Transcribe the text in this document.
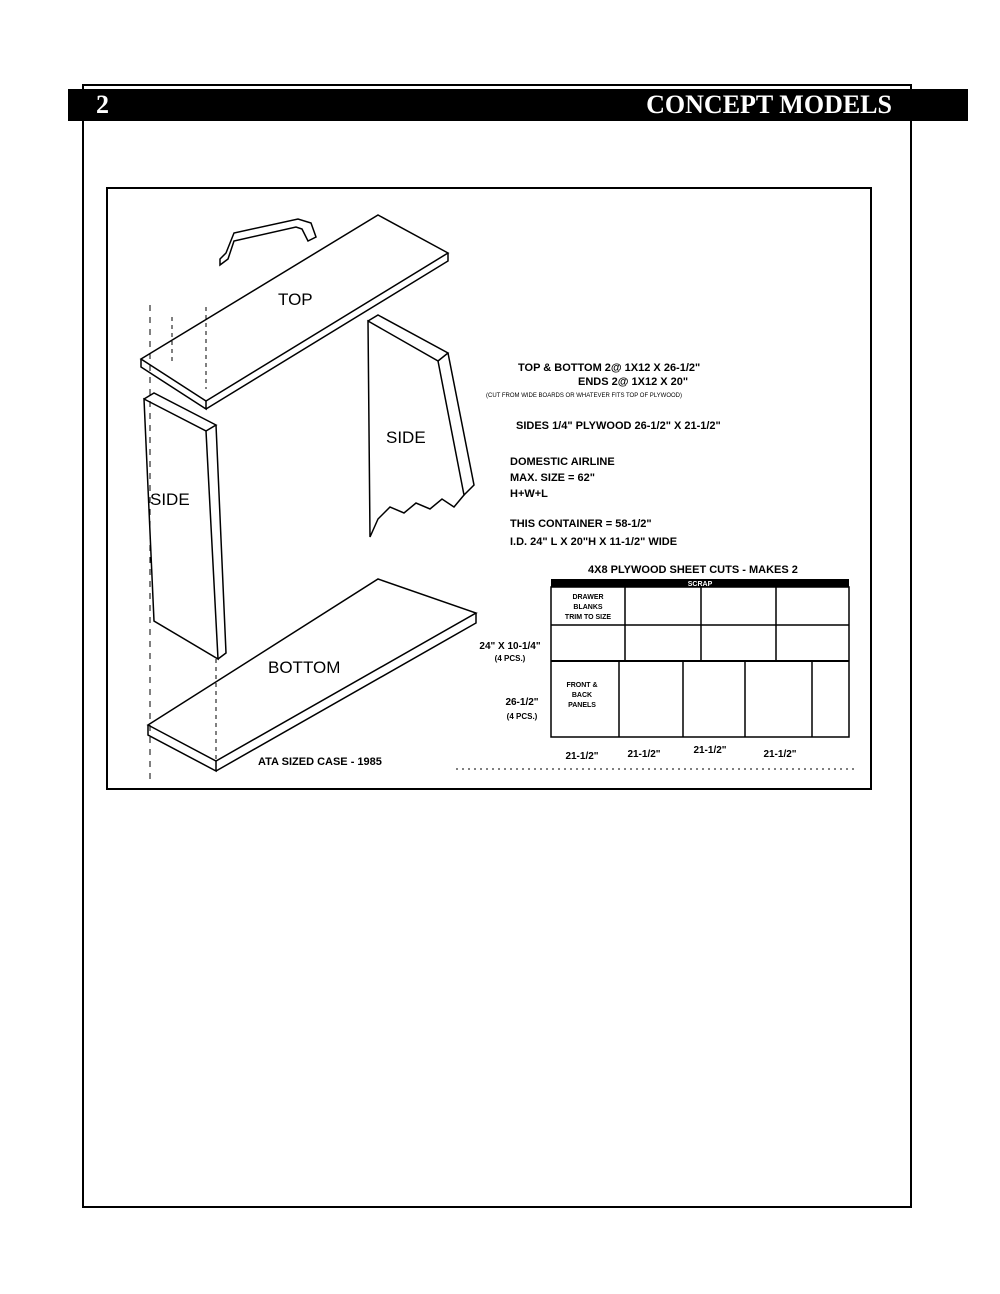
2	CONCEPT MODELS
TOP
SIDE
SIDE
BOTTOM
ATA SIZED CASE - 1985
TOP & BOTTOM 2@ 1X12 X 26-1/2"
ENDS 2@ 1X12 X 20"
(CUT FROM WIDE BOARDS OR WHATEVER FITS TOP OF PLYWOOD)
SIDES 1/4" PLYWOOD 26-1/2" X 21-1/2"
DOMESTIC AIRLINE
MAX. SIZE = 62"
H+W+L
THIS CONTAINER = 58-1/2"
I.D. 24" L X 20"H X 11-1/2" WIDE
4X8 PLYWOOD SHEET CUTS - MAKES 2
SCRAP
DRAWER
BLANKS
TRIM TO SIZE
FRONT &
BACK
PANELS
24" X 10-1/4"
(4 PCS.)
26-1/2"
(4 PCS.)
21-1/2"	21-1/2"	21-1/2"	21-1/2"
